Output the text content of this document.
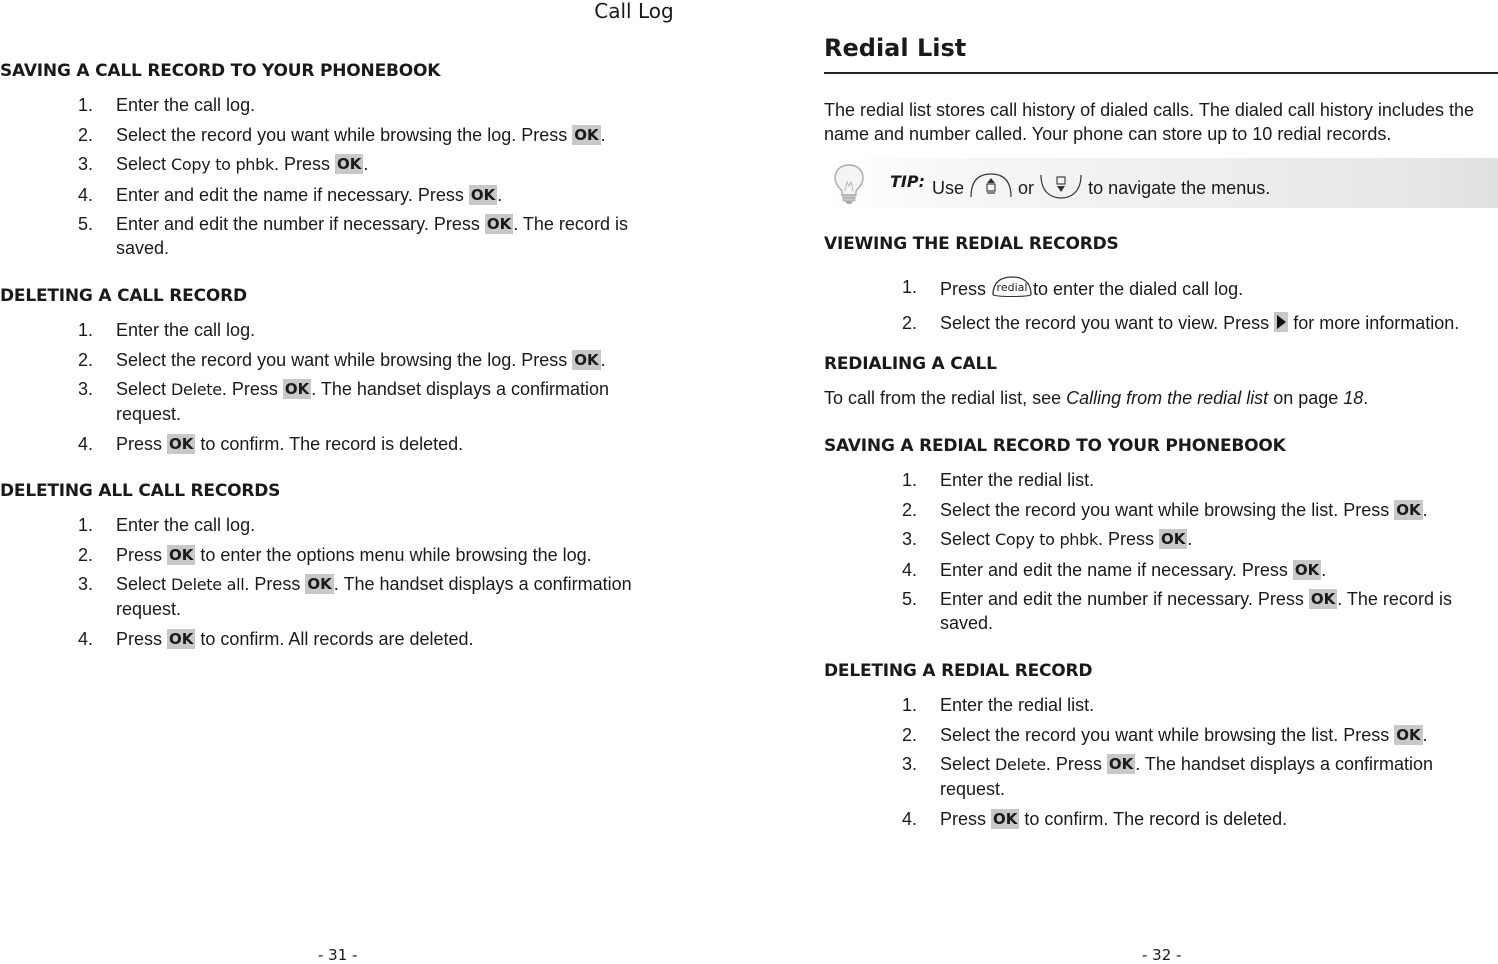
Call Log
SAVING A CALL RECORD TO YOUR PHONEBOOK
1.	Enter the call log.
2.	Select the record you want while browsing the log. Press OK .
3.	Select Copy to phbk. Press OK .
4.	Enter and edit the name if necessary. Press OK .
5.	Enter and edit the number if necessary. Press OK . The record is saved.
DELETING A CALL RECORD
1.	Enter the call log.
2.	Select the record you want while browsing the log. Press OK .
3.	Select Delete. Press OK . The handset displays a confirmation request.
4.	Press OK to confirm. The record is deleted.
DELETING ALL CALL RECORDS
1.	Enter the call log.
2.	Press OK to enter the options menu while browsing the log.
3.	Select Delete all. Press OK . The handset displays a confirmation request.
4.	Press OK to confirm. All records are deleted.
- 31 -
Redial List

The redial list stores call history of dialed calls. The dialed call history includes the name and number called. Your phone can store up to 10 redial records.

TIP: Use	or	to navigate the menus.
VIEWING THE REDIAL RECORDS
1.	Press redial to enter the dialed call log.
2.	Select the record you want to view. Press for more information.
REDIALING A CALL

To call from the redial list, see Calling from the redial list on page 18.

SAVING A REDIAL RECORD TO YOUR PHONEBOOK
1.	Enter the redial list.
2.	Select the record you want while browsing the list. Press OK .
3.	Select Copy to phbk. Press OK .
4.	Enter and edit the name if necessary. Press OK .
5.	Enter and edit the number if necessary. Press OK . The record is saved.
DELETING A REDIAL RECORD
1.	Enter the redial list.
2.	Select the record you want while browsing the list. Press OK .
3.	Select Delete. Press OK . The handset displays a confirmation request.
4.	Press OK to confirm. The record is deleted.
- 32 -
